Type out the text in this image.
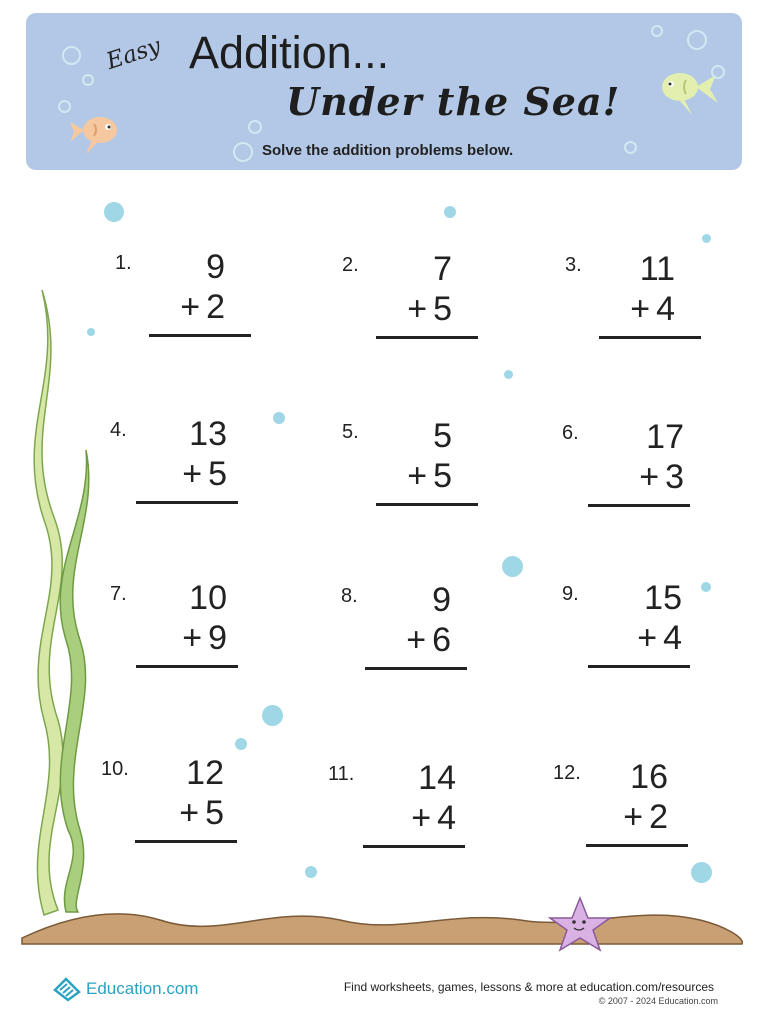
Easy Addition...
Under the Sea!
Solve the addition problems below.
1. 9
+ 2
2. 7
+ 5
3. 11
+ 4
4. 13
+ 5
5. 5
+ 5
6. 17
+ 3
7. 10
+ 9
8. 9
+ 6
9. 15
+ 4
10. 12
+ 5
11. 14
+ 4
12. 16
+ 2
Education.com	Find worksheets, games, lessons & more at education.com/resources
© 2007 - 2024 Education.com
